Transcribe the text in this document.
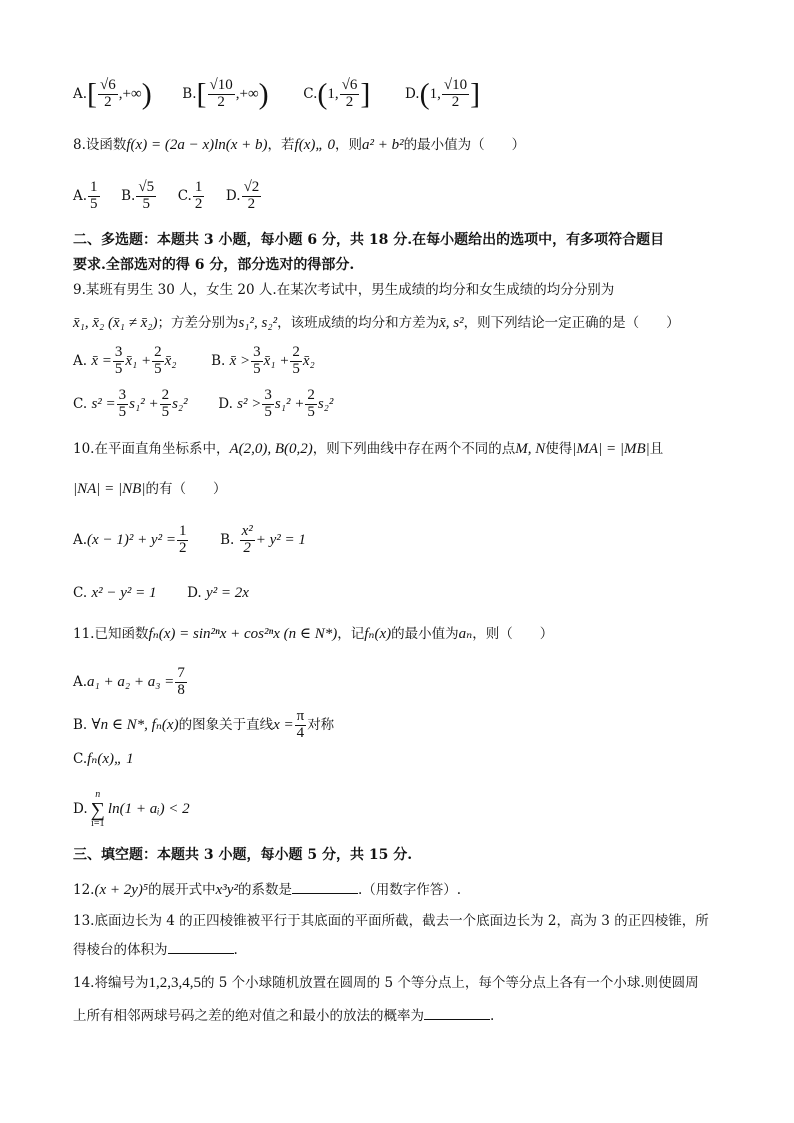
$A.[ \frac{√6}{2}$ ,+∞) $B.[ \frac{√10}{2}$ ,+∞)	C.(1, $\frac{√6}{2}$ ]	D.(1, $\frac{√10}{2}$ ]
8.设函数f(x) = (2a − x)ln(x + b)，若f(x)„ 0，则a² + b²的最小值为（　　）
A. $\frac{1}{5} B$. $\frac{√5}{5} C$. $\frac{1}{2} D$. $\frac{√2}{2}$
二、多选题：本题共 3 小题，每小题 6 分，共 18 分.在每小题给出的选项中，有多项符合题目
要求.全部选对的得 6 分，部分选对的得部分.
9.某班有男生 30 人，女生 20 人.在某次考试中，男生成绩的均分和女生成绩的均分分别为
x̄₁, x̄₂ (x̄₁ ≠ x̄₂)；方差分别为s₁², s₂²，该班成绩的均分和方差为x̄, s²，则下列结论一定正确的是（　　）
A. x̄ = $\frac{3}{5}$ x̄₁ + $\frac{2}{5}$ x̄₂	B. x̄ > $\frac{3}{5}$ x̄₁ + $\frac{2}{5}$ x̄₂
C. $s^2 = \frac{3}{5} s_1^2 + \frac{2}{5} s_2^2$ D. $s^2 > \frac{3}{5} s_1^2 + \frac{2}{5} s_2^2$
10.在平面直角坐标系中，A(2,0), B(0,2)，则下列曲线中存在两个不同的点M, N使得|MA| = |MB|且
|NA| = |NB|的有（　　）
$A.(x - 1)^2 + y^2 = \frac{1}{2} B$. $\frac{\text{x²}}{2} + y^2 = 1$
C. x² − y² = 1 D. y² = 2x
11.已知函数fₙ(x) = sin²ⁿx + cos²ⁿx (n ∈ N*)，记fₙ(x)的最小值为aₙ，则（　　）
$A.a_1 + a_2 + a_3 = \frac{7}{8}$
B. ∀n ∈ N*, fₙ(x)的图象关于直线$x = \frac{\pi}{4}$ 对称
C.fₙ(x)„ 1
D.
n
∑
i=1
ln(1 + aᵢ) < 2
三、填空题：本题共 3 小题，每小题 5 分，共 15 分.
12.(x + 2y)⁵的展开式中x³y²的系数是	.（用数字作答）.
13.底面边长为 4 的正四棱锥被平行于其底面的平面所截，截去一个底面边长为 2，高为 3 的正四棱锥，所
得棱台的体积为	.
14.将编号为1,2,3,4,5的 5 个小球随机放置在圆周的 5 个等分点上，每个等分点上各有一个小球.则使圆周
上所有相邻两球号码之差的绝对值之和最小的放法的概率为	.
